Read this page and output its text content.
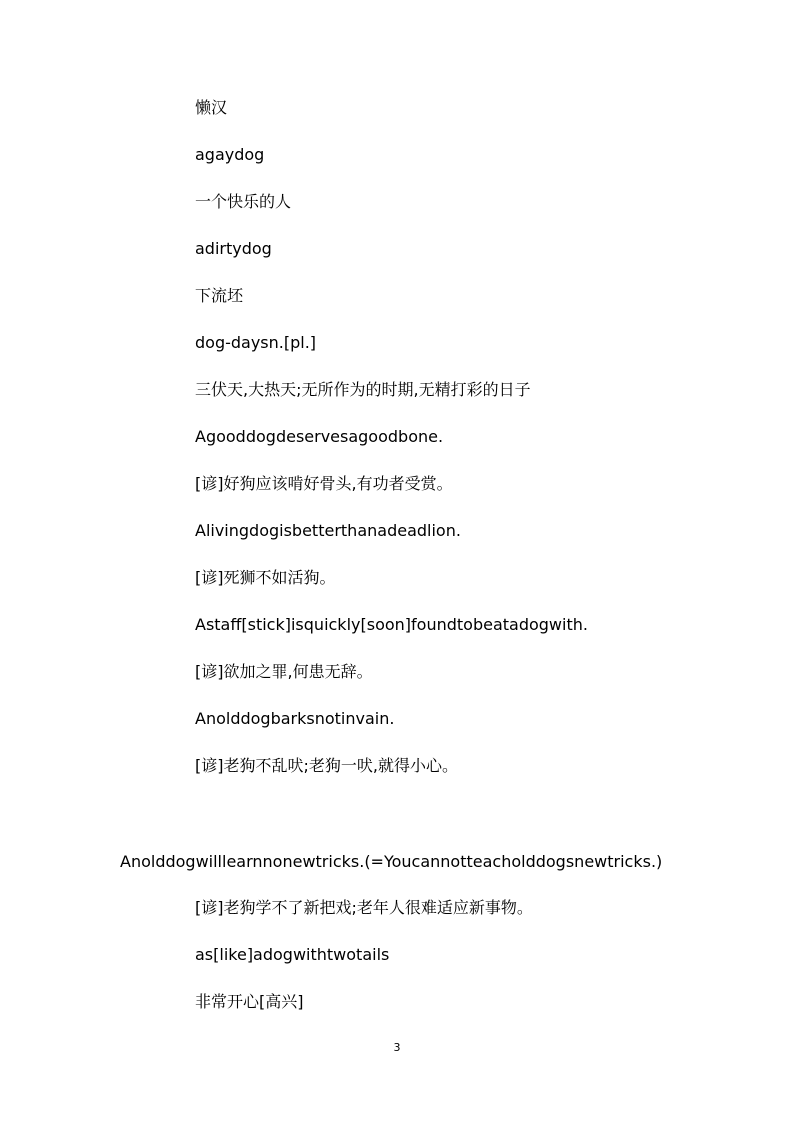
懒汉
agaydog
一个快乐的人
adirtydog
下流坯
dog-daysn.[pl.]
三伏天,大热天;无所作为的时期,无精打彩的日子
Agooddogdeservesagoodbone.
[谚]好狗应该啃好骨头,有功者受赏。
Alivingdogisbetterthanadeadlion.
[谚]死狮不如活狗。
Astaff[stick]isquickly[soon]foundtobeatadogwith.
[谚]欲加之罪,何患无辞。
Anolddogbarksnotinvain.
[谚]老狗不乱吠;老狗一吠,就得小心。
Anolddogwilllearnnonewtricks.(=Youcannotteacholddogsnewtricks.)
[谚]老狗学不了新把戏;老年人很难适应新事物。
as[like]adogwithtwotails
非常开心[高兴]
3
